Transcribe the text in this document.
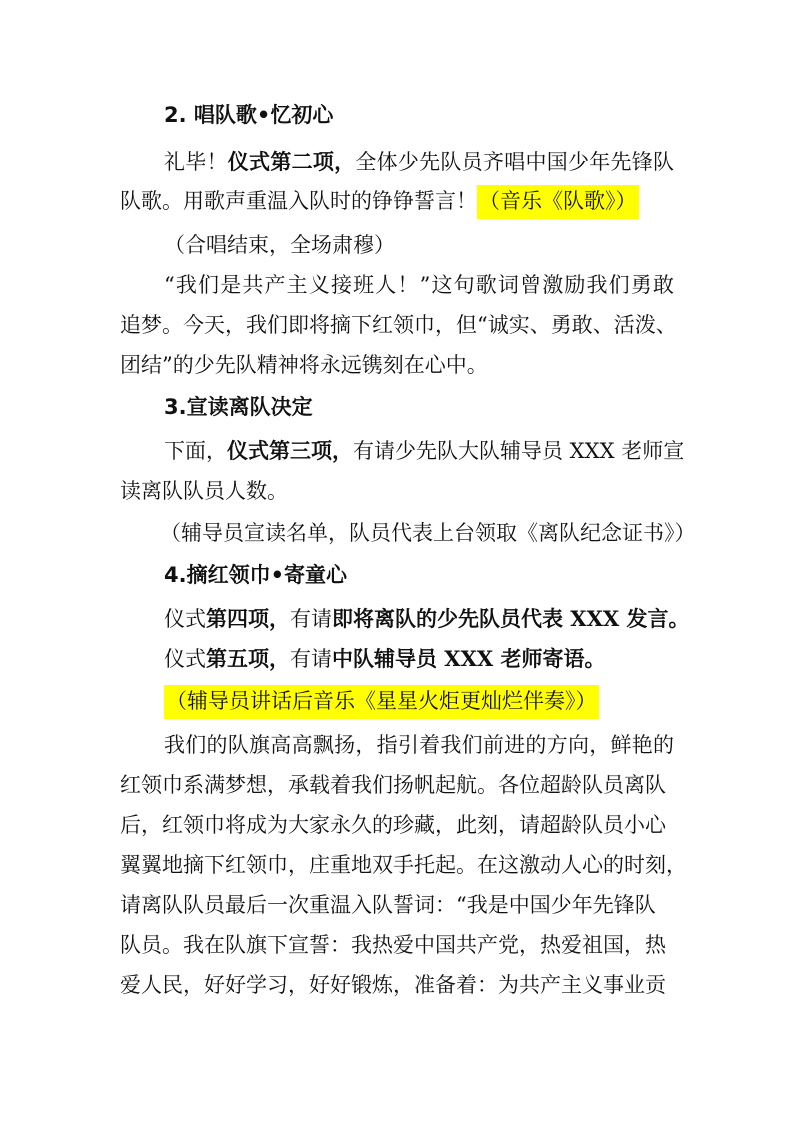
2. 唱队歌•忆初心
礼毕！仪式第二项，全体少先队员齐唱中国少年先锋队
队歌。用歌声重温入队时的铮铮誓言！（音乐《队歌》）
（合唱结束，全场肃穆）
“我们是共产主义接班人！”这句歌词曾激励我们勇敢
追梦。今天，我们即将摘下红领巾，但“诚实、勇敢、活泼、
团结”的少先队精神将永远镌刻在心中。
3.宣读离队决定
下面，仪式第三项，有请少先队大队辅导员 XXX 老师宣
读离队队员人数。
（辅导员宣读名单，队员代表上台领取《离队纪念证书》）
4.摘红领巾•寄童心
仪式第四项，有请即将离队的少先队员代表 XXX 发言。
仪式第五项，有请中队辅导员 XXX 老师寄语。
（辅导员讲话后音乐《星星火炬更灿烂伴奏》）
我们的队旗高高飘扬，指引着我们前进的方向，鲜艳的
红领巾系满梦想，承载着我们扬帆起航。各位超龄队员离队
后，红领巾将成为大家永久的珍藏，此刻，请超龄队员小心
翼翼地摘下红领巾，庄重地双手托起。在这激动人心的时刻，
请离队队员最后一次重温入队誓词：“我是中国少年先锋队
队员。我在队旗下宣誓：我热爱中国共产党，热爱祖国，热
爱人民，好好学习，好好锻炼，准备着：为共产主义事业贡
